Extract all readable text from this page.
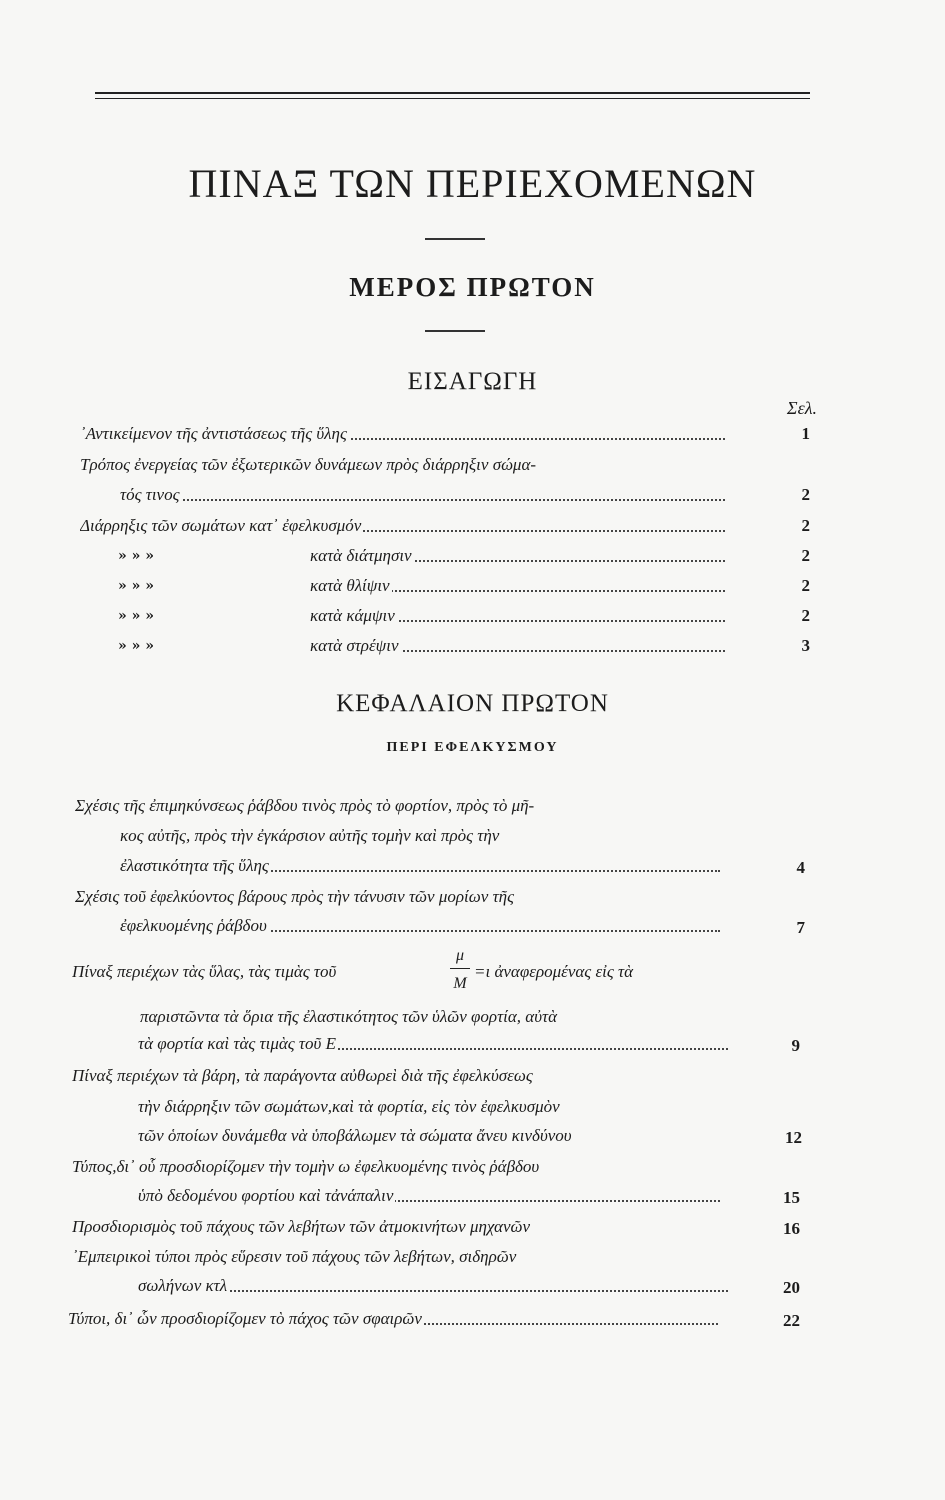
ΠΙΝΑΞ ΤΩΝ ΠΕΡΙΕΧΟΜΕΝΩΝ
ΜΕΡΟΣ ΠΡΩΤΟΝ
ΕΙΣΑΓΩΓΗ
Σελ.
᾿Αντικείμενον τῆς ἀντιστάσεως τῆς ὕλης	1
Τρόπος ἐνεργείας τῶν ἐξωτερικῶν δυνάμεων πρὸς διάρρηξιν σώμα-
τός τινος	2
Διάρρηξις τῶν σωμάτων κατ᾿ ἐφελκυσμόν	2
» » »	κατὰ διάτμησιν	2
» » »	κατὰ θλίψιν	2
» » »	κατὰ κάμψιν	2
» » »	κατὰ στρέψιν	3
ΚΕΦΑΛΑΙΟΝ ΠΡΩΤΟΝ
ΠΕΡΙ ΕΦΕΛΚΥΣΜΟΥ
Σχέσις τῆς ἐπιμηκύνσεως ῥάβδου τινὸς πρὸς τὸ φορτίον, πρὸς τὸ μῆ-
κος αὐτῆς, πρὸς τὴν ἐγκάρσιον αὐτῆς τομὴν καὶ πρὸς τὴν
ἐλαστικότητα τῆς ὕλης	4
Σχέσις τοῦ ἐφελκύοντος βάρους πρὸς τὴν τάνυσιν τῶν μορίων τῆς
ἐφελκυομένης ῥάβδου	7
Πίναξ περιέχων τὰς ὕλας, τὰς τιμὰς τοῦ
μ
Μ
=ι ἀναφερομένας εἰς τὰ
παριστῶντα τὰ ὅρια τῆς ἐλαστικότητος τῶν ὑλῶν φορτία, αὐτὰ
τὰ φορτία καὶ τὰς τιμὰς τοῦ Ε	9
Πίναξ περιέχων τὰ βάρη, τὰ παράγοντα αὐθωρεὶ διὰ τῆς ἐφελκύσεως
τὴν διάρρηξιν τῶν σωμάτων,καὶ τὰ φορτία, εἰς τὸν ἐφελκυσμὸν
τῶν ὁποίων δυνάμεθα νὰ ὑποβάλωμεν τὰ σώματα ἄνευ κινδύνου	12
Τύπος,δι᾿ οὗ προσδιορίζομεν τὴν τομὴν ω ἐφελκυομένης τινὸς ῥάβδου
ὑπὸ δεδομένου φορτίου καὶ τἀνάπαλιν	15
Προσδιορισμὸς τοῦ πάχους τῶν λεβήτων τῶν ἀτμοκινήτων μηχανῶν	16
᾿Εμπειρικοὶ τύποι πρὸς εὕρεσιν τοῦ πάχους τῶν λεβήτων, σιδηρῶν
σωλήνων κτλ	20
Τύποι, δι᾿ ὧν προσδιορίζομεν τὸ πάχος τῶν σφαιρῶν	22
